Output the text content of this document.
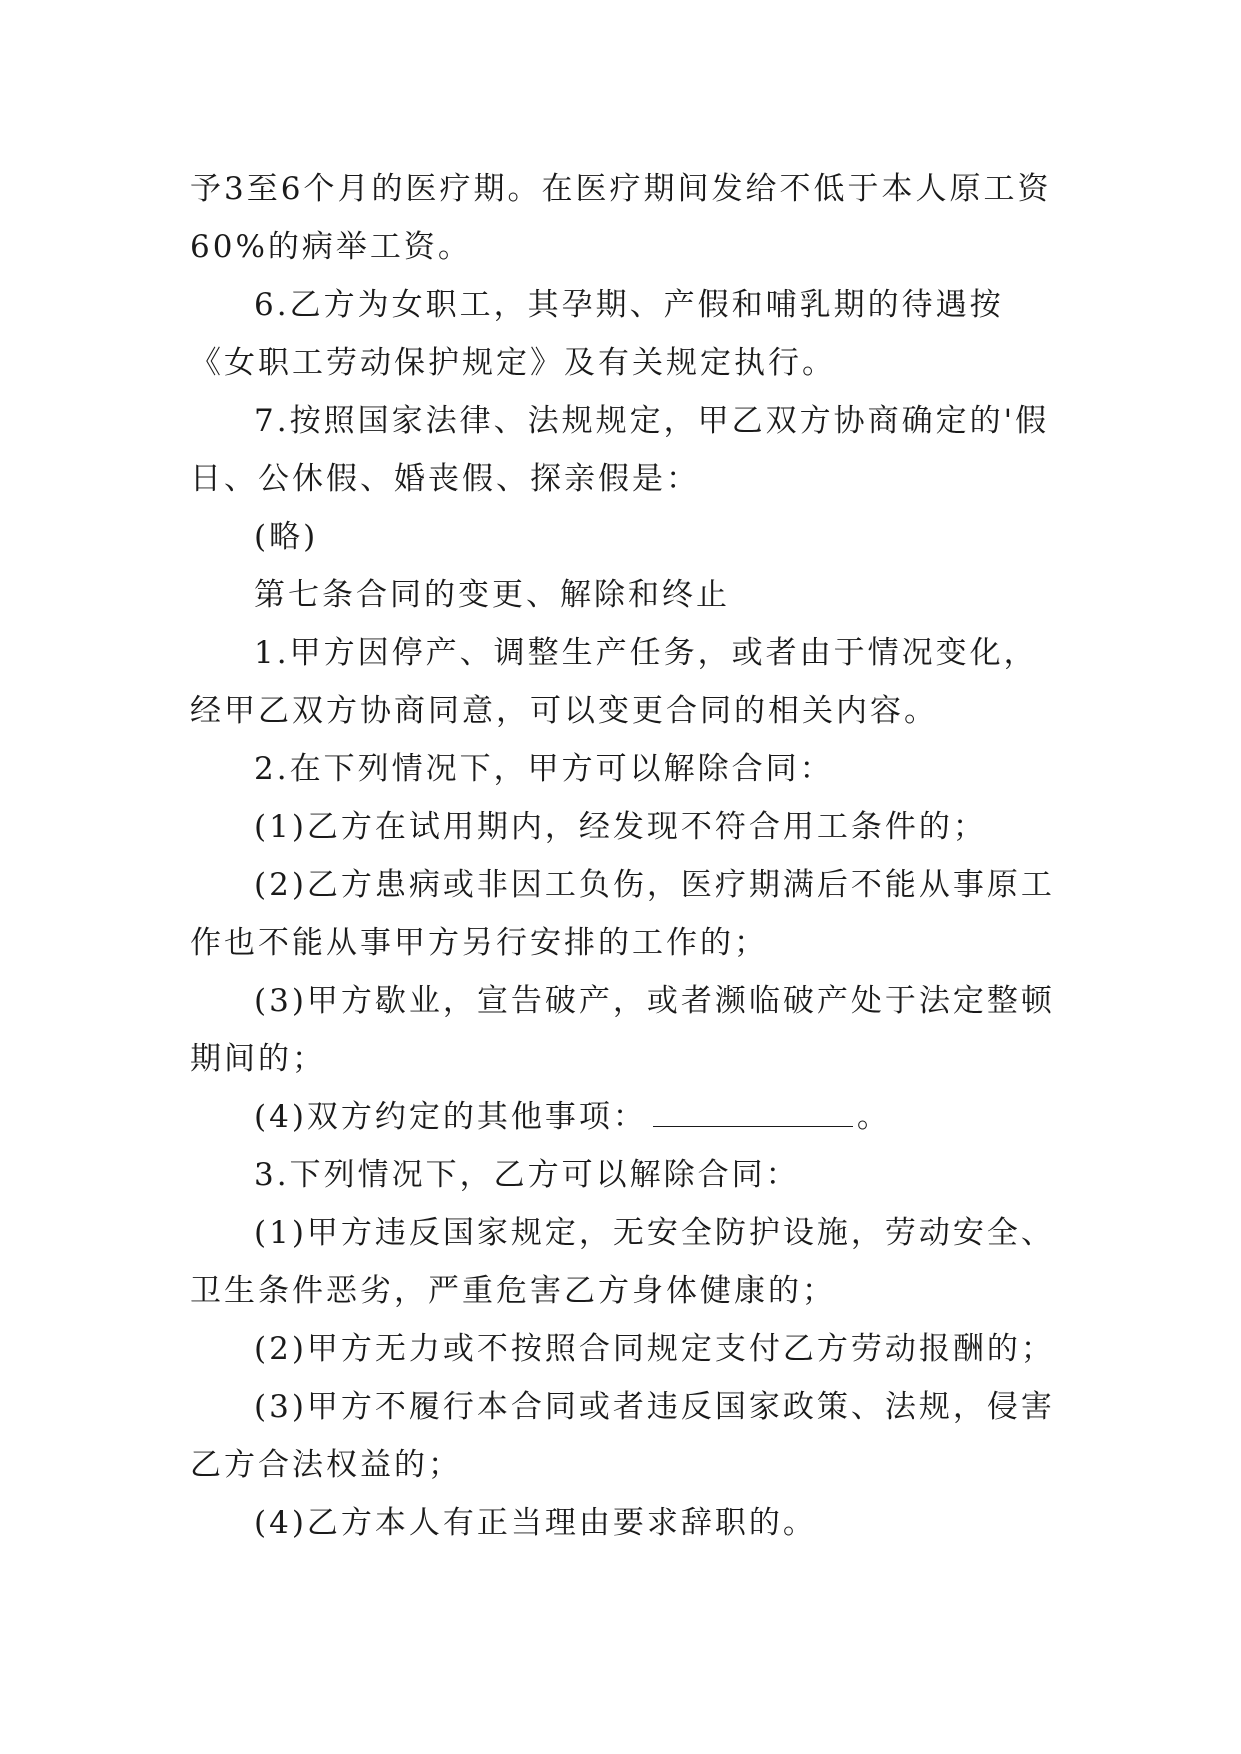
予3至6个月的医疗期。在医疗期间发给不低于本人原工资60%的病举工资。

6.乙方为女职工，其孕期、产假和哺乳期的待遇按《女职工劳动保护规定》及有关规定执行。

7.按照国家法律、法规规定，甲乙双方协商确定的'假日、公休假、婚丧假、探亲假是：

(略)

第七条合同的变更、解除和终止

1.甲方因停产、调整生产任务，或者由于情况变化，经甲乙双方协商同意，可以变更合同的相关内容。

2.在下列情况下，甲方可以解除合同：

(1)乙方在试用期内，经发现不符合用工条件的；

(2)乙方患病或非因工负伤，医疗期满后不能从事原工作也不能从事甲方另行安排的工作的；

(3)甲方歇业，宣告破产，或者濒临破产处于法定整顿期间的；

(4)双方约定的其他事项：	。

3.下列情况下，乙方可以解除合同：

(1)甲方违反国家规定，无安全防护设施，劳动安全、卫生条件恶劣，严重危害乙方身体健康的；

(2)甲方无力或不按照合同规定支付乙方劳动报酬的；

(3)甲方不履行本合同或者违反国家政策、法规，侵害乙方合法权益的；

(4)乙方本人有正当理由要求辞职的。
